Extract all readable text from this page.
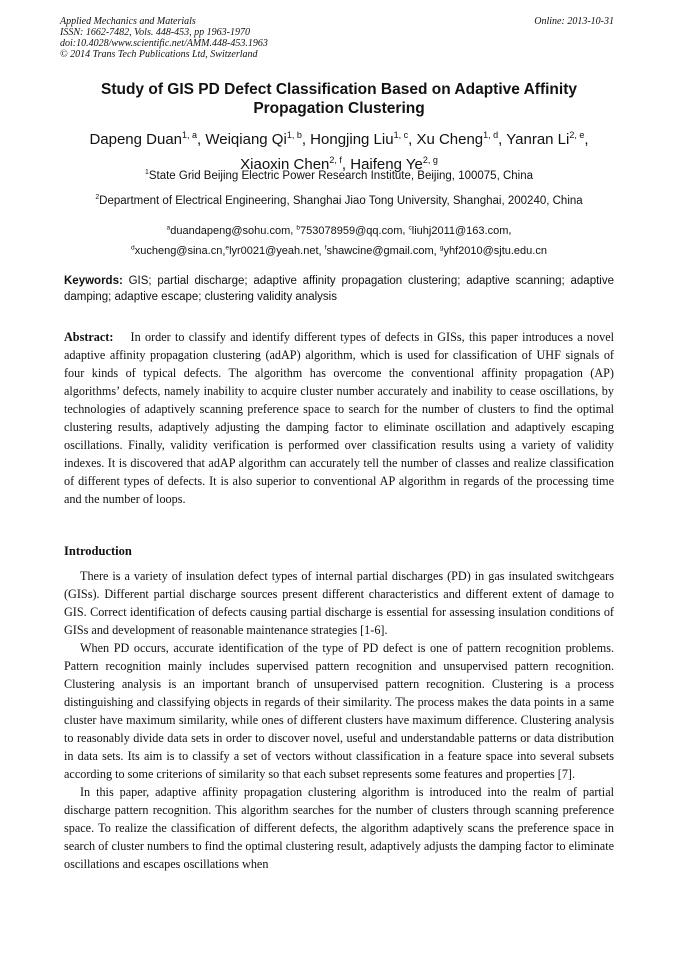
Applied Mechanics and Materials
ISSN: 1662-7482, Vols. 448-453, pp 1963-1970
doi:10.4028/www.scientific.net/AMM.448-453.1963
© 2014 Trans Tech Publications Ltd, Switzerland
Online: 2013-10-31
Study of GIS PD Defect Classification Based on Adaptive Affinity
Propagation Clustering
Dapeng Duan$^{1, a}$, Weiqiang Qi$^{1, b}$, Hongjing Liu$^{1, c}$, Xu Cheng$^{1, d}$, Yanran Li$^{2, e}$,
Xiaoxin Chen$^{2, f}$, Haifeng Ye$^{2, g}$
$^1$State Grid Beijing Electric Power Research Institute, Beijing, 100075, China
$^2$Department of Electrical Engineering, Shanghai Jiao Tong University, Shanghai, 200240, China
$^a$duandapeng@sohu.com, $^b$753078959@qq.com, $^c$liuhj2011@163.com,
$^d$xucheng@sina.cn,$^e$lyr0021@yeah.net, $^f$shawcine@gmail.com, $^g$yhf2010@sjtu.edu.cn
Keywords: GIS; partial discharge; adaptive affinity propagation clustering; adaptive scanning; adaptive damping; adaptive escape; clustering validity analysis
Abstract: In order to classify and identify different types of defects in GISs, this paper introduces a novel adaptive affinity propagation clustering (adAP) algorithm, which is used for classification of UHF signals of four kinds of typical defects. The algorithm has overcome the conventional affinity propagation (AP) algorithms’ defects, namely inability to acquire cluster number accurately and inability to cease oscillations, by technologies of adaptively scanning preference space to search for the number of clusters to find the optimal clustering results, adaptively adjusting the damping factor to eliminate oscillation and adaptively escaping oscillations. Finally, validity verification is performed over classification results using a variety of validity indexes. It is discovered that adAP algorithm can accurately tell the number of classes and realize classification of different types of defects. It is also superior to conventional AP algorithm in regards of the processing time and the number of loops.
Introduction

There is a variety of insulation defect types of internal partial discharges (PD) in gas insulated switchgears (GISs). Different partial discharge sources present different characteristics and different extent of damage to GIS. Correct identification of defects causing partial discharge is essential for assessing insulation conditions of GISs and development of reasonable maintenance strategies [1-6].

When PD occurs, accurate identification of the type of PD defect is one of pattern recognition problems. Pattern recognition mainly includes supervised pattern recognition and unsupervised pattern recognition. Clustering analysis is an important branch of unsupervised pattern recognition. Clustering is a process distinguishing and classifying objects in regards of their similarity. The process makes the data points in a same cluster have maximum similarity, while ones of different clusters have maximum difference. Clustering analysis to reasonably divide data sets in order to discover novel, useful and understandable patterns or data distribution in data sets. Its aim is to classify a set of vectors without classification in a feature space into several subsets according to some criterions of similarity so that each subset represents some features and properties [7].

In this paper, adaptive affinity propagation clustering algorithm is introduced into the realm of partial discharge pattern recognition. This algorithm searches for the number of clusters through scanning preference space. To realize the classification of different defects, the algorithm adaptively scans the preference space in search of cluster numbers to find the optimal clustering result, adaptively adjusts the damping factor to eliminate oscillations and escapes oscillations when
